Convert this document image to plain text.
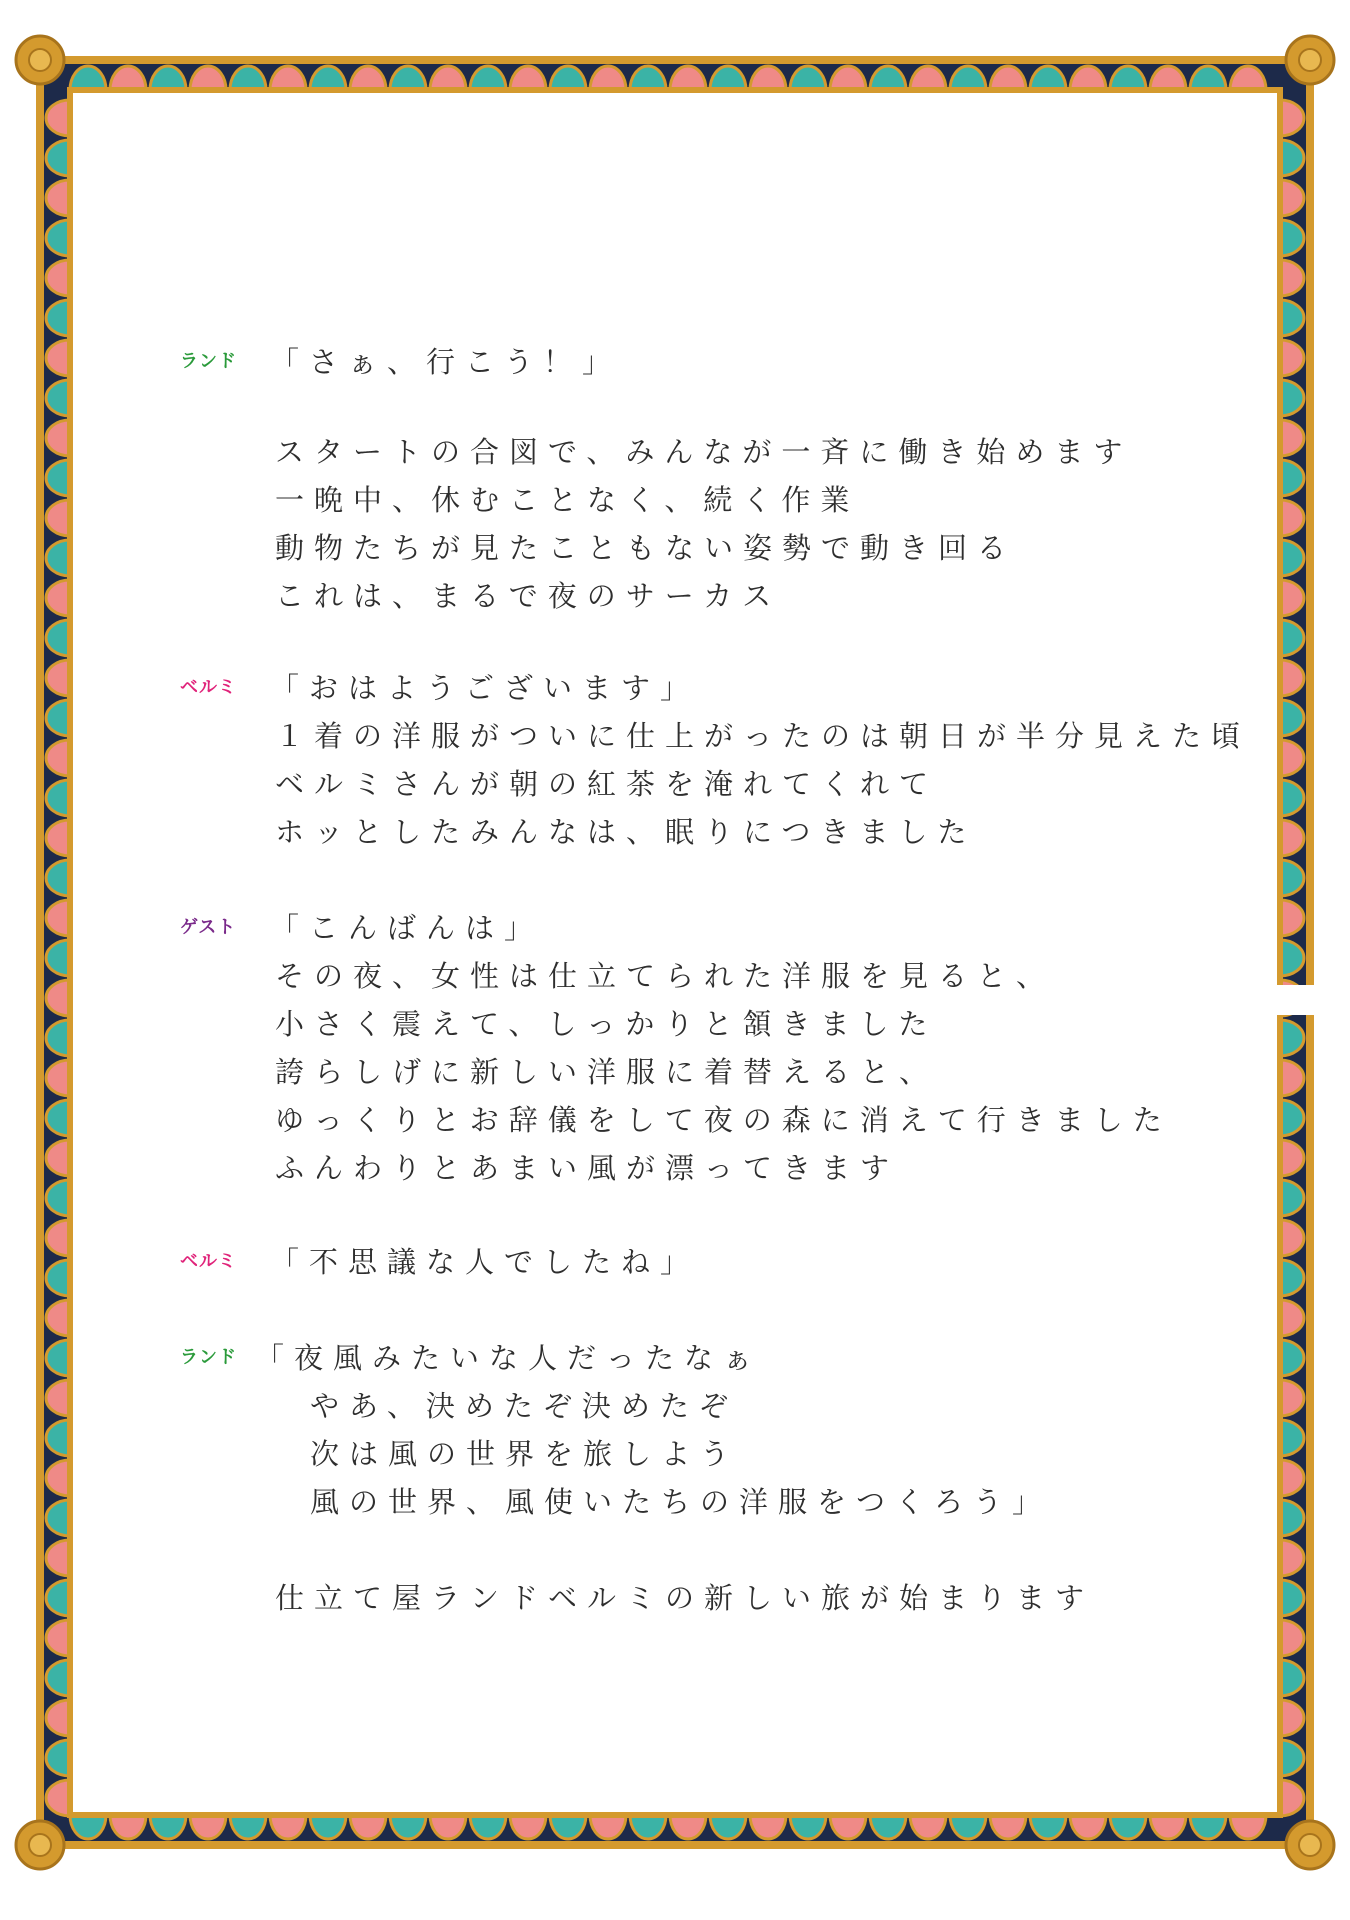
ランド 「さぁ、行こう！」
スタートの合図で、みんなが一斉に働き始めます
一晩中、休むことなく、続く作業
動物たちが見たこともない姿勢で動き回る
これは、まるで夜のサーカス
ベルミ 「おはようございます」
１着の洋服がついに仕上がったのは朝日が半分見えた頃
ベルミさんが朝の紅茶を淹れてくれて
ホッとしたみんなは、眠りにつきました
ゲスト 「こんばんは」
その夜、女性は仕立てられた洋服を見ると、
小さく震えて、しっかりと頷きました
誇らしげに新しい洋服に着替えると、
ゆっくりとお辞儀をして夜の森に消えて行きました
ふんわりとあまい風が漂ってきます
ベルミ 「不思議な人でしたね」
ランド 「夜風みたいな人だったなぁ
やあ、決めたぞ決めたぞ
次は風の世界を旅しよう
風の世界、風使いたちの洋服をつくろう」
仕立て屋ランドベルミの新しい旅が始まります
